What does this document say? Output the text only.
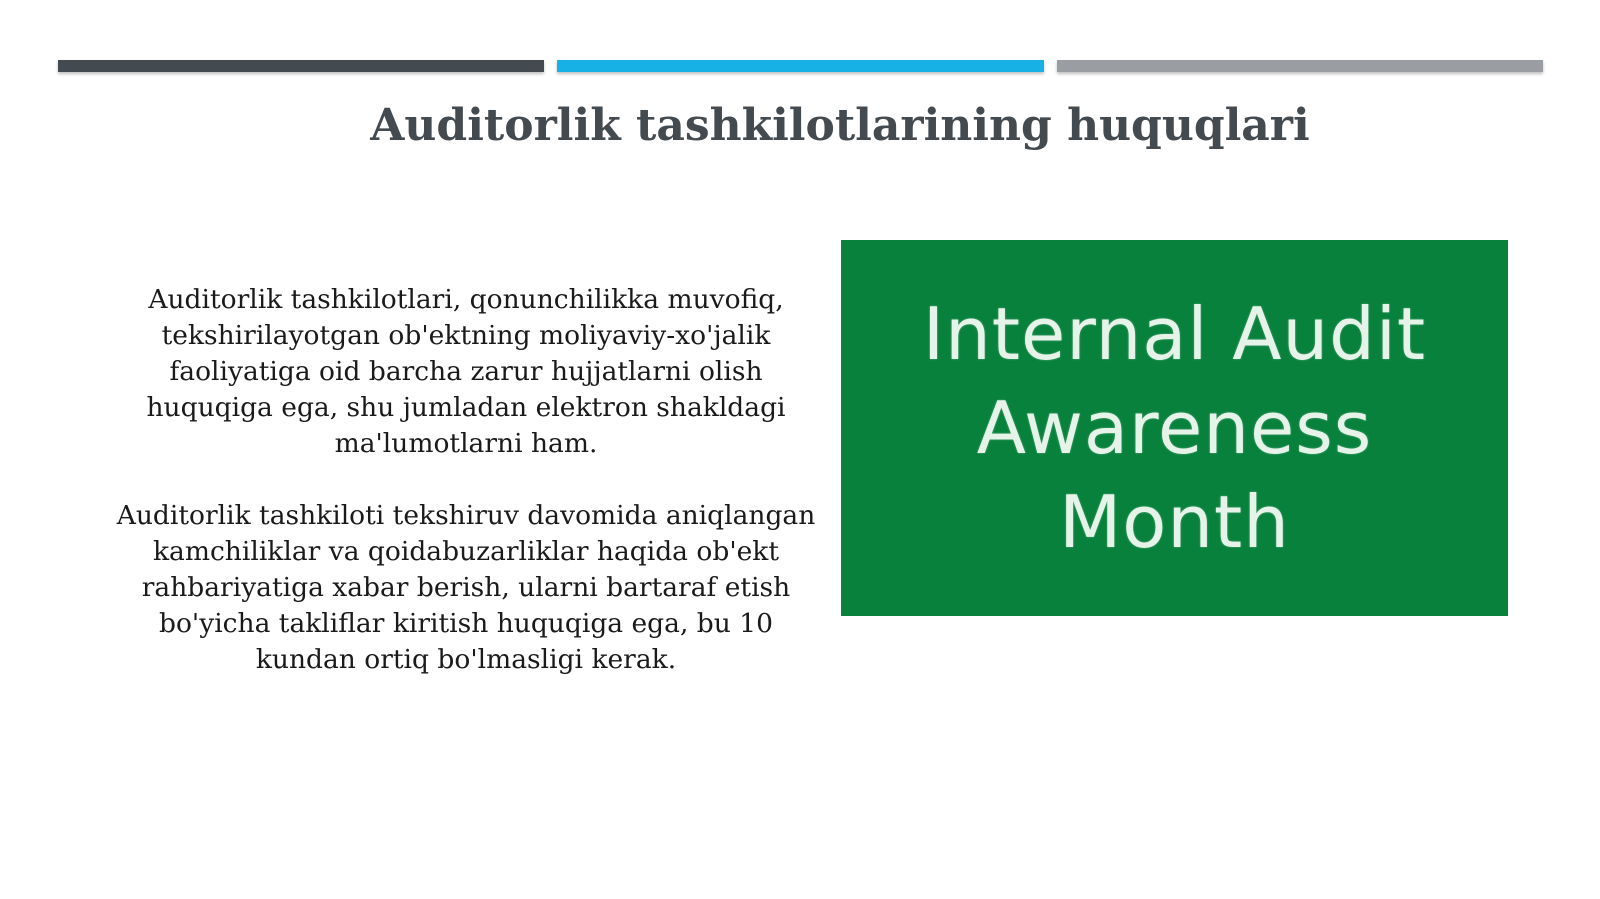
Auditorlik tashkilotlarining huquqlari

Auditorlik tashkilotlari, qonunchilikka muvofiq, tekshirilayotgan ob'ektning moliyaviy-xo'jalik faoliyatiga oid barcha zarur hujjatlarni olish huquqiga ega, shu jumladan elektron shakldagi ma'lumotlarni ham.

Auditorlik tashkiloti tekshiruv davomida aniqlangan kamchiliklar va qoidabuzarliklar haqida ob'ekt rahbariyatiga xabar berish, ularni bartaraf etish bo'yicha takliflar kiritish huquqiga ega, bu 10 kundan ortiq bo'lmasligi kerak.

Internal Audit
Awareness
Month
